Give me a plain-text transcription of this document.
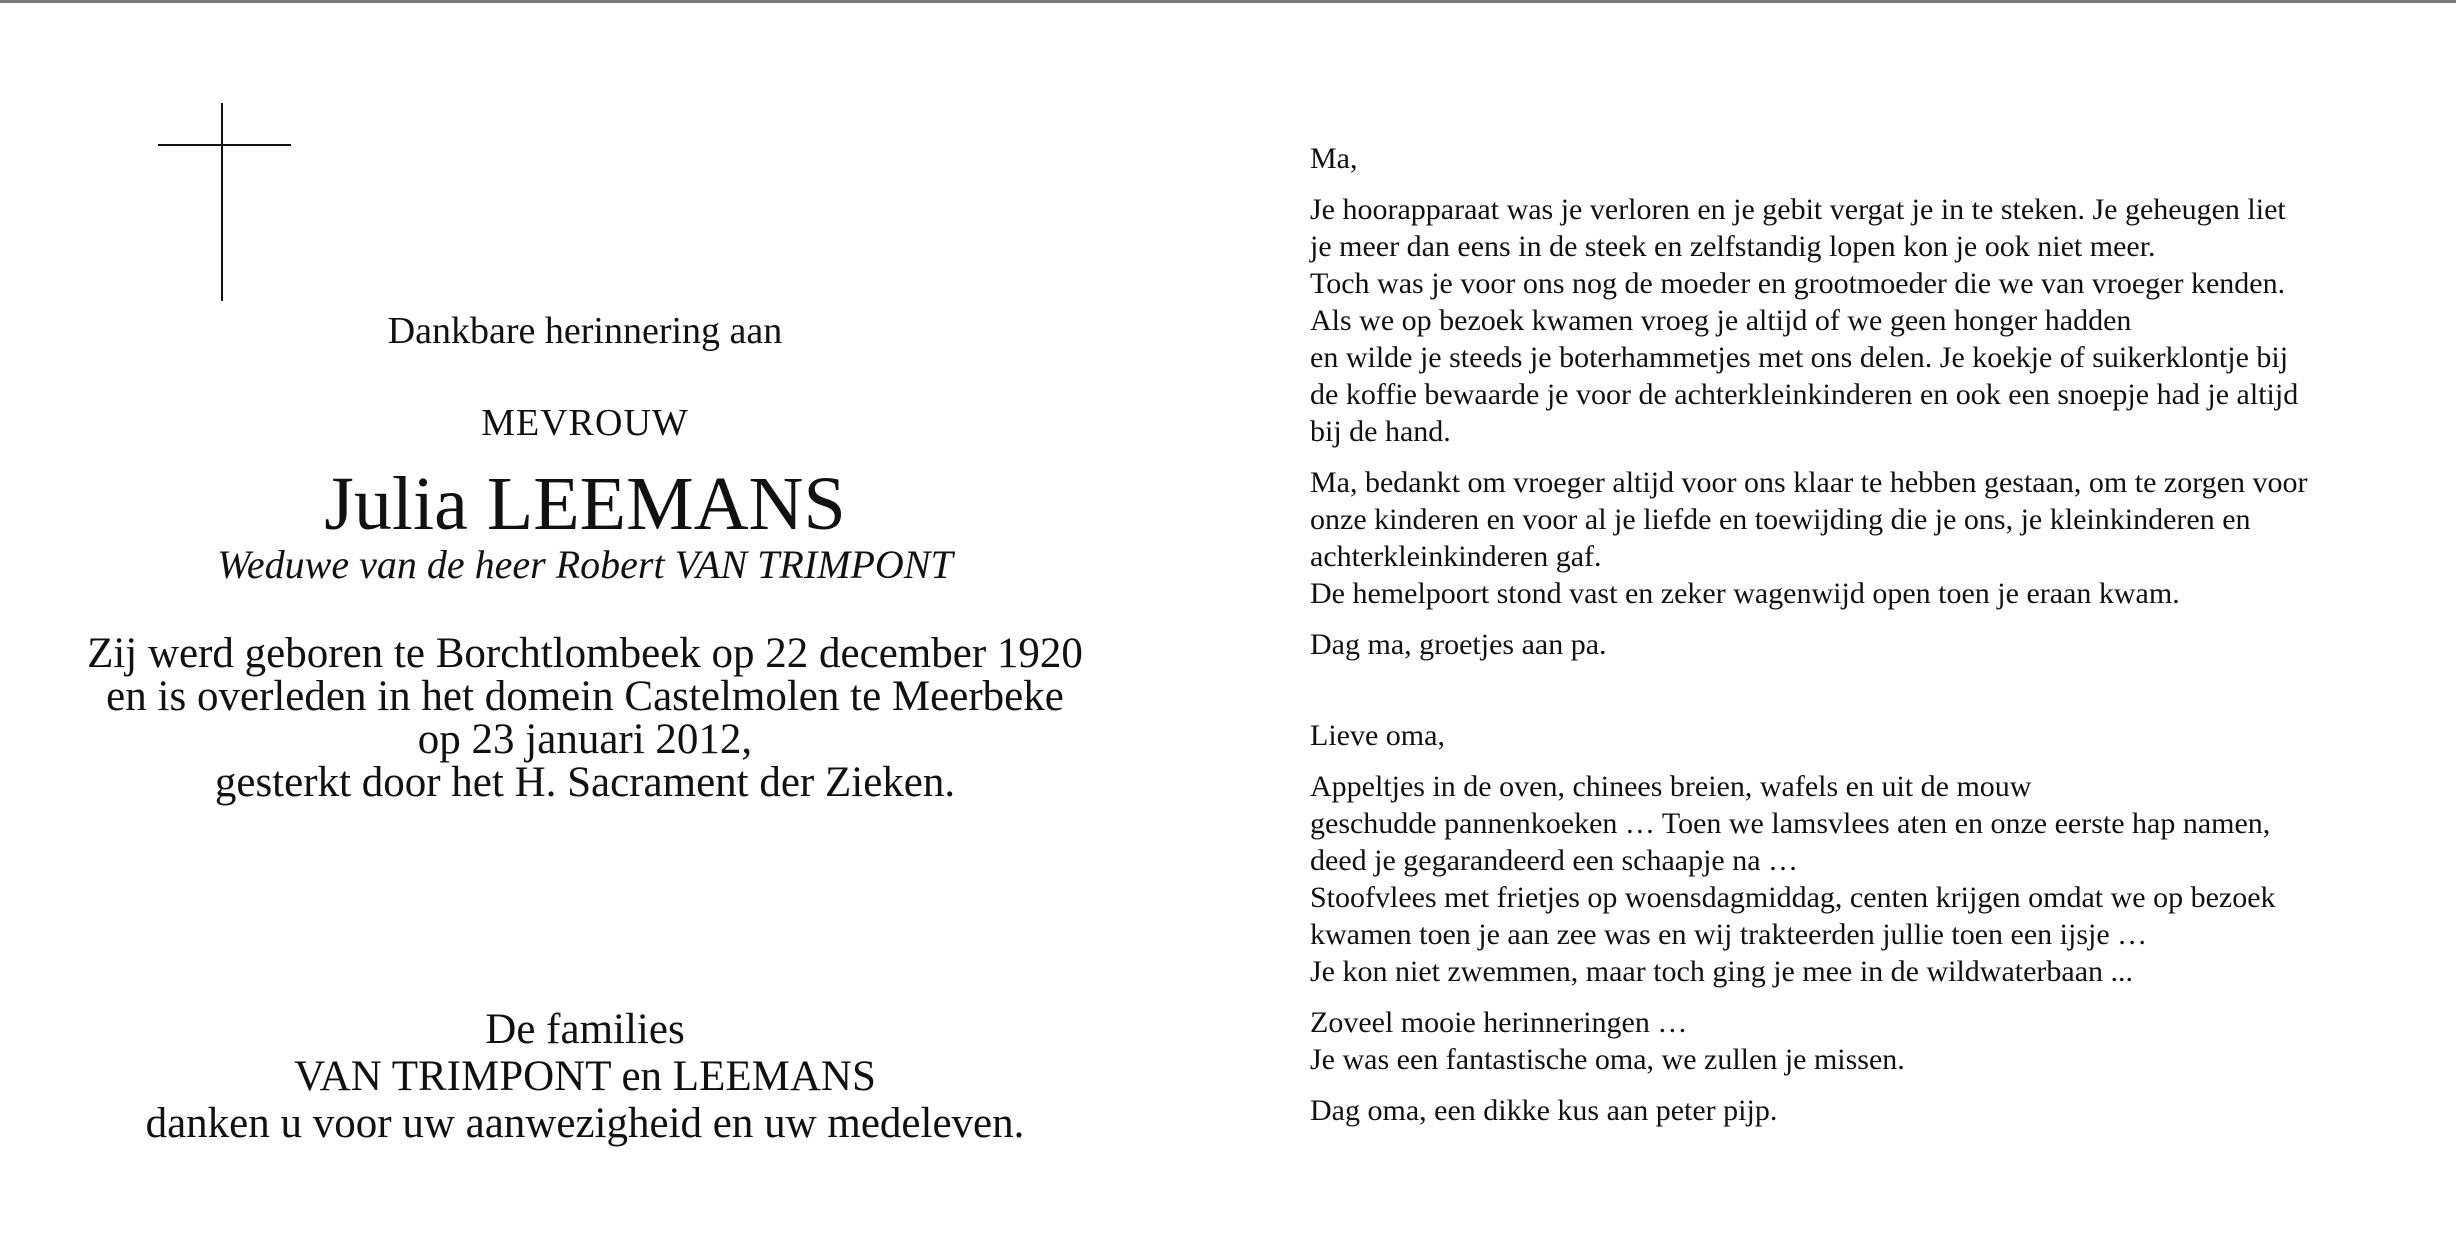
Dankbare herinnering aan
MEVROUW
Julia LEEMANS
Weduwe van de heer Robert VAN TRIMPONT
Zij werd geboren te Borchtlombeek op 22 december 1920
en is overleden in het domein Castelmolen te Meerbeke
op 23 januari 2012,
gesterkt door het H. Sacrament der Zieken.
De families
VAN TRIMPONT en LEEMANS
danken u voor uw aanwezigheid en uw medeleven.
Ma,
Je hoorapparaat was je verloren en je gebit vergat je in te steken. Je geheugen liet
je meer dan eens in de steek en zelfstandig lopen kon je ook niet meer.
Toch was je voor ons nog de moeder en grootmoeder die we van vroeger kenden.
Als we op bezoek kwamen vroeg je altijd of we geen honger hadden
en wilde je steeds je boterhammetjes met ons delen. Je koekje of suikerklontje bij
de koffie bewaarde je voor de achterkleinkinderen en ook een snoepje had je altijd
bij de hand.
Ma, bedankt om vroeger altijd voor ons klaar te hebben gestaan, om te zorgen voor
onze kinderen en voor al je liefde en toewijding die je ons, je kleinkinderen en
achterkleinkinderen gaf.
De hemelpoort stond vast en zeker wagenwijd open toen je eraan kwam.
Dag ma, groetjes aan pa.
Lieve oma,
Appeltjes in de oven, chinees breien, wafels en uit de mouw
geschudde pannenkoeken … Toen we lamsvlees aten en onze eerste hap namen,
deed je gegarandeerd een schaapje na …
Stoofvlees met frietjes op woensdagmiddag, centen krijgen omdat we op bezoek
kwamen toen je aan zee was en wij trakteerden jullie toen een ijsje …
Je kon niet zwemmen, maar toch ging je mee in de wildwaterbaan ...
Zoveel mooie herinneringen …
Je was een fantastische oma, we zullen je missen.
Dag oma, een dikke kus aan peter pijp.
